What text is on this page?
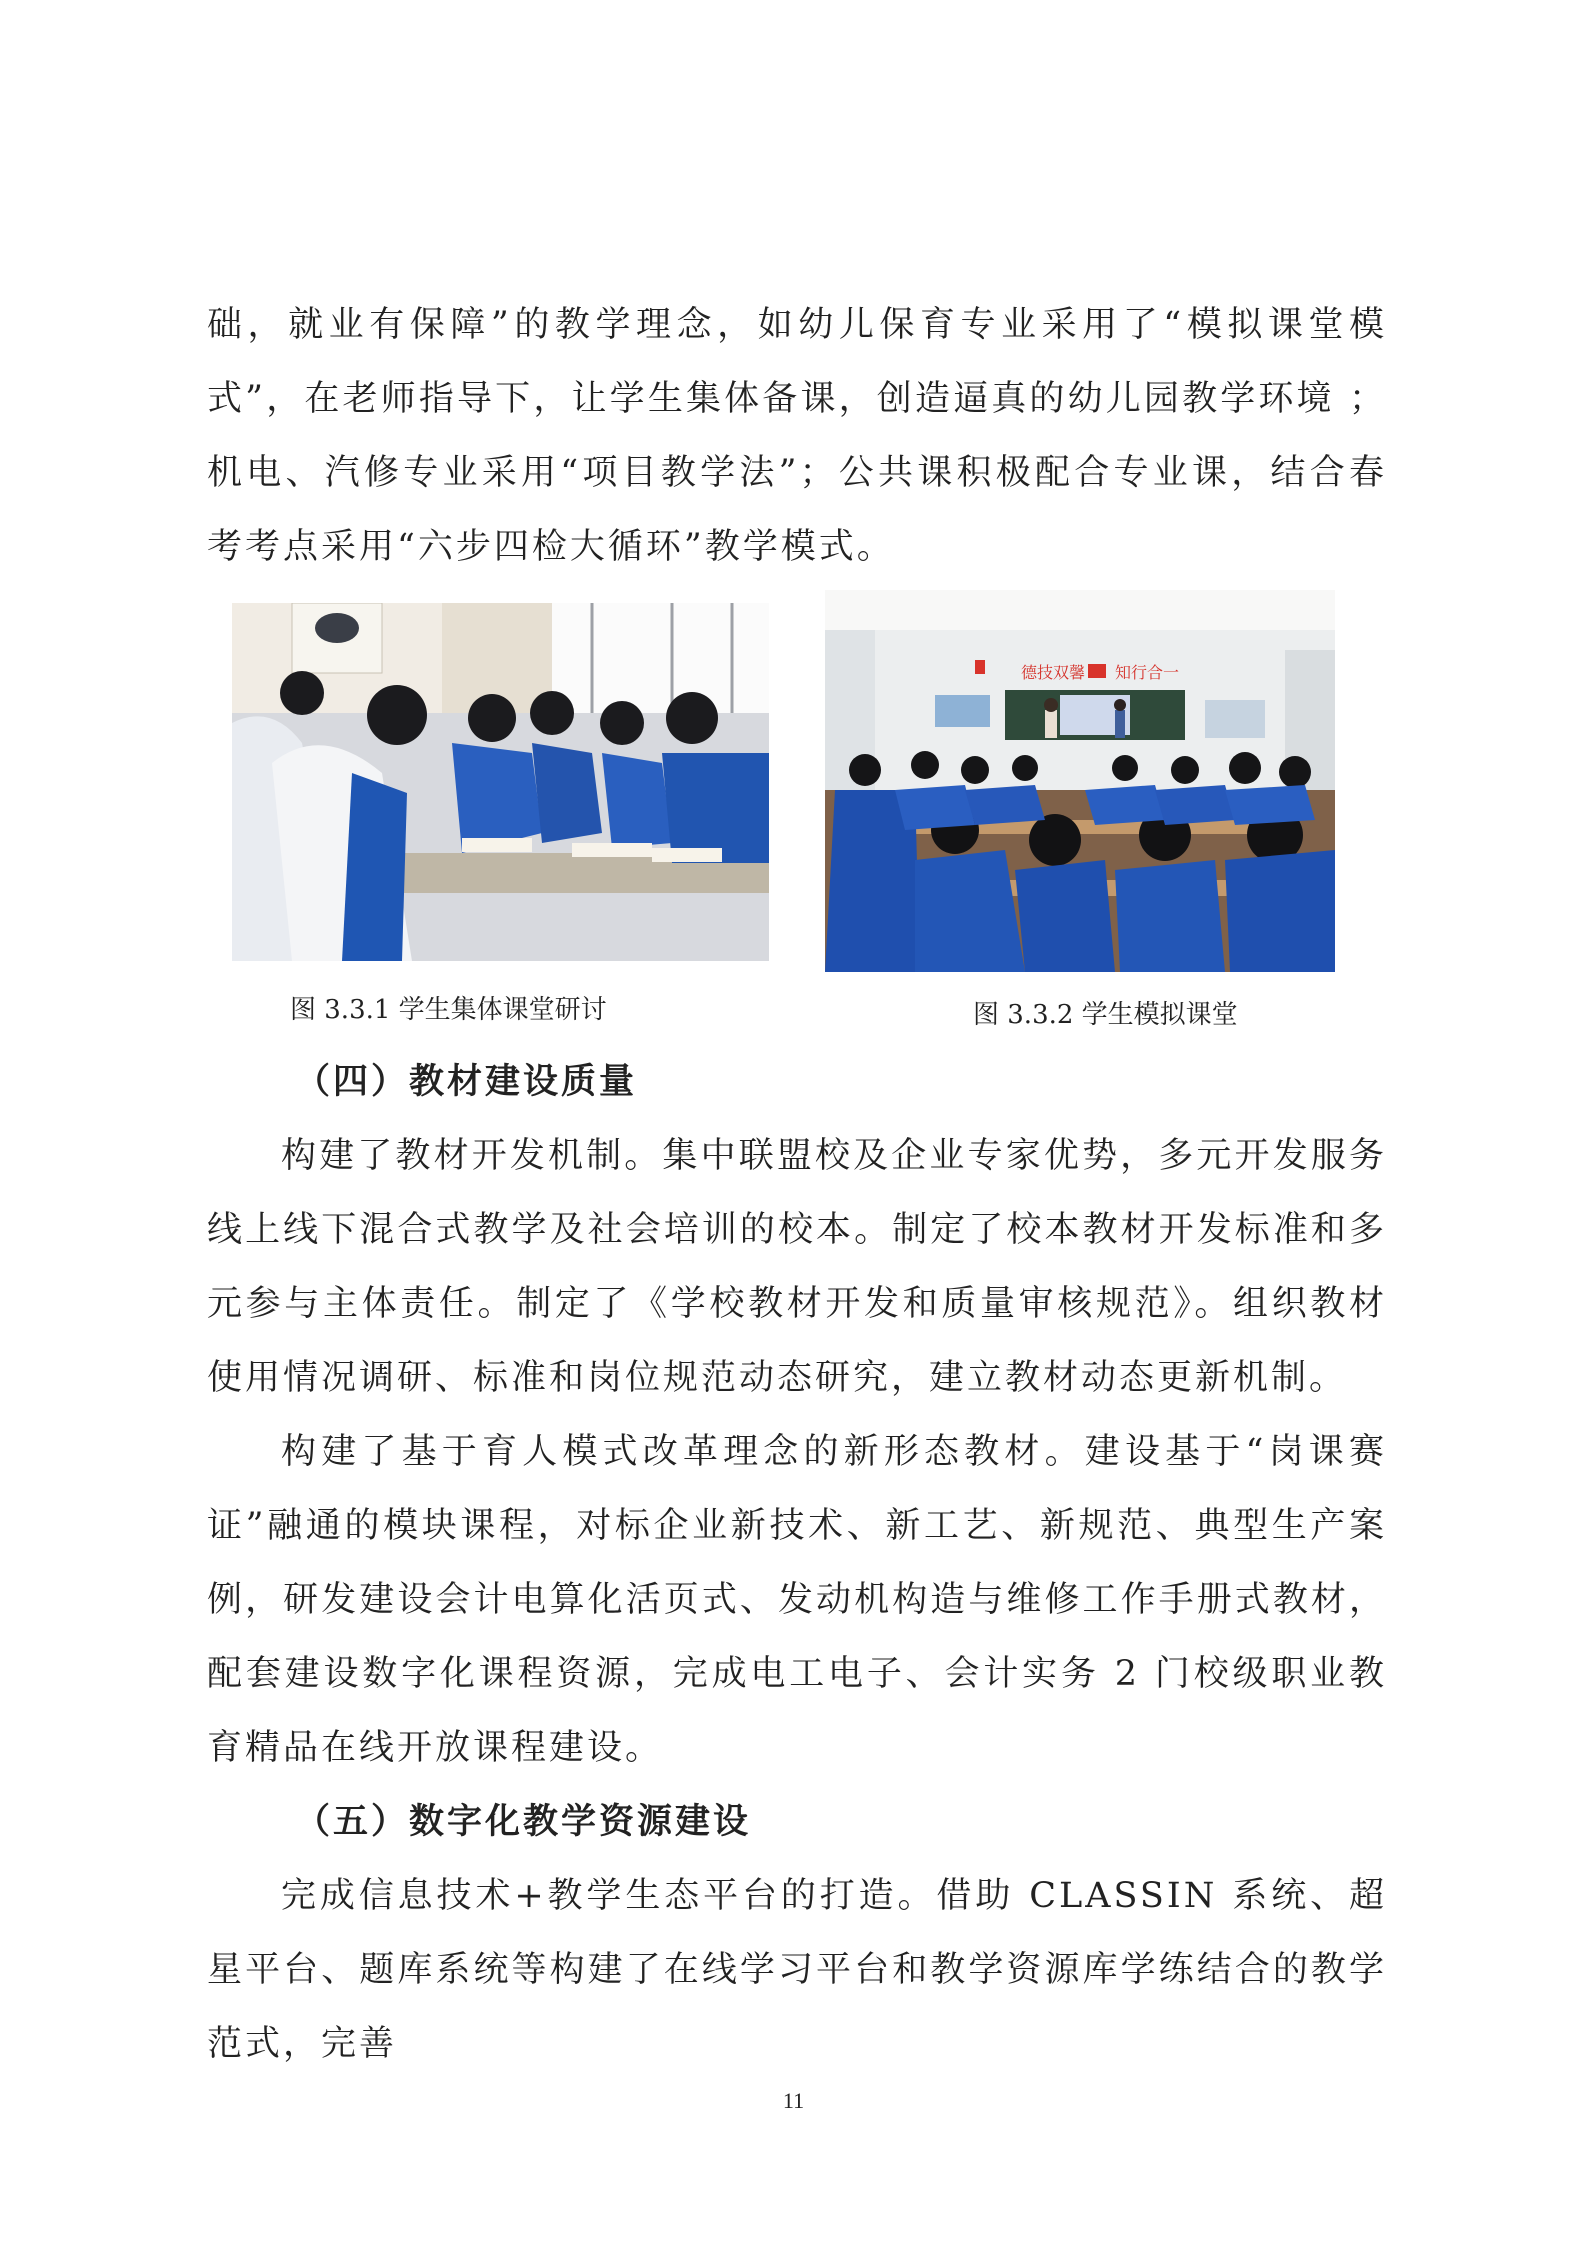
础，就业有保障”的教学理念，如幼儿保育专业采用了“模拟课堂模式”，在老师指导下，让学生集体备课，创造逼真的幼儿园教学环境 ；机电、汽修专业采用“项目教学法”；公共课积极配合专业课，结合春考考点采用“六步四检大循环”教学模式。

图 3.3.1 学生集体课堂研讨
德技双馨 知行合一
图 3.3.2 学生模拟课堂

（四）教材建设质量

构建了教材开发机制。集中联盟校及企业专家优势，多元开发服务线上线下混合式教学及社会培训的校本。制定了校本教材开发标准和多元参与主体责任。制定了《学校教材开发和质量审核规范》。组织教材使用情况调研、标准和岗位规范动态研究，建立教材动态更新机制。

构建了基于育人模式改革理念的新形态教材。建设基于“岗课赛证”融通的模块课程，对标企业新技术、新工艺、新规范、典型生产案例，研发建设会计电算化活页式、发动机构造与维修工作手册式教材，配套建设数字化课程资源，完成电工电子、会计实务 2 门校级职业教育精品在线开放课程建设。

（五）数字化教学资源建设

完成信息技术+教学生态平台的打造。借助 CLASSIN 系统、超星平台、题库系统等构建了在线学习平台和教学资源库学练结合的教学范式，完善

11
